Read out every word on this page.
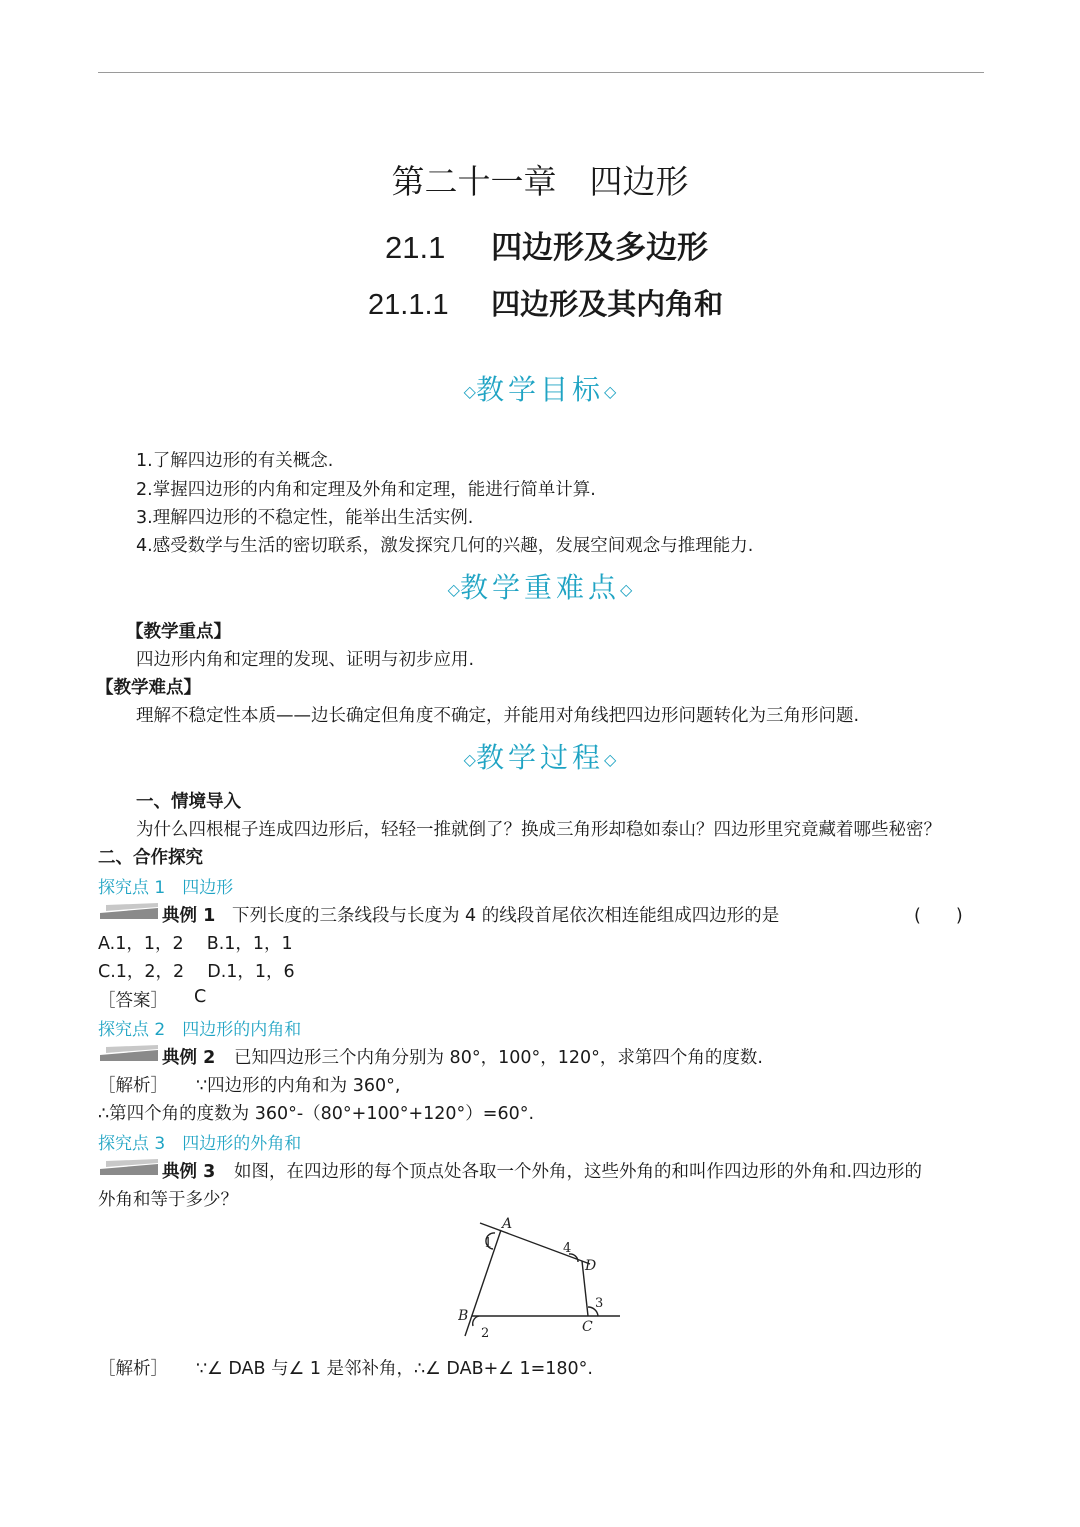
第二十一章　四边形
21.1 四边形及多边形
21.1.1 四边形及其内角和
◇教学目标◇
1.了解四边形的有关概念.
2.掌握四边形的内角和定理及外角和定理，能进行简单计算.
3.理解四边形的不稳定性，能举出生活实例.
4.感受数学与生活的密切联系，激发探究几何的兴趣，发展空间观念与推理能力.
◇教学重难点◇
【教学重点】
四边形内角和定理的发现、证明与初步应用.
【教学难点】
理解不稳定性本质——边长确定但角度不确定，并能用对角线把四边形问题转化为三角形问题.
◇教学过程◇
一、情境导入
为什么四根棍子连成四边形后，轻轻一推就倒了？换成三角形却稳如泰山？四边形里究竟藏着哪些秘密？
二、合作探究
探究点 1　四边形
典例 1 下列长度的三条线段与长度为 4 的线段首尾依次相连能组成四边形的是	(　　)
A.1，1，2　 B.1，1，1
C.1，2，2　 D.1，1，6
［答案］ C
探究点 2　四边形的内角和
典例 2 已知四边形三个内角分别为 80°，100°，120°，求第四个角的度数.
［解析］ ∵四边形的内角和为 360°,
∴第四个角的度数为 360°-（80°+100°+120°）=60°.
探究点 3　四边形的外角和
典例 3 如图，在四边形的每个顶点处各取一个外角，这些外角的和叫作四边形的外角和.四边形的
外角和等于多少？
A
B
C
D
1
2
3
4
［解析］ ∵∠ DAB 与∠ 1 是邻补角，∴∠ DAB+∠ 1=180°.
